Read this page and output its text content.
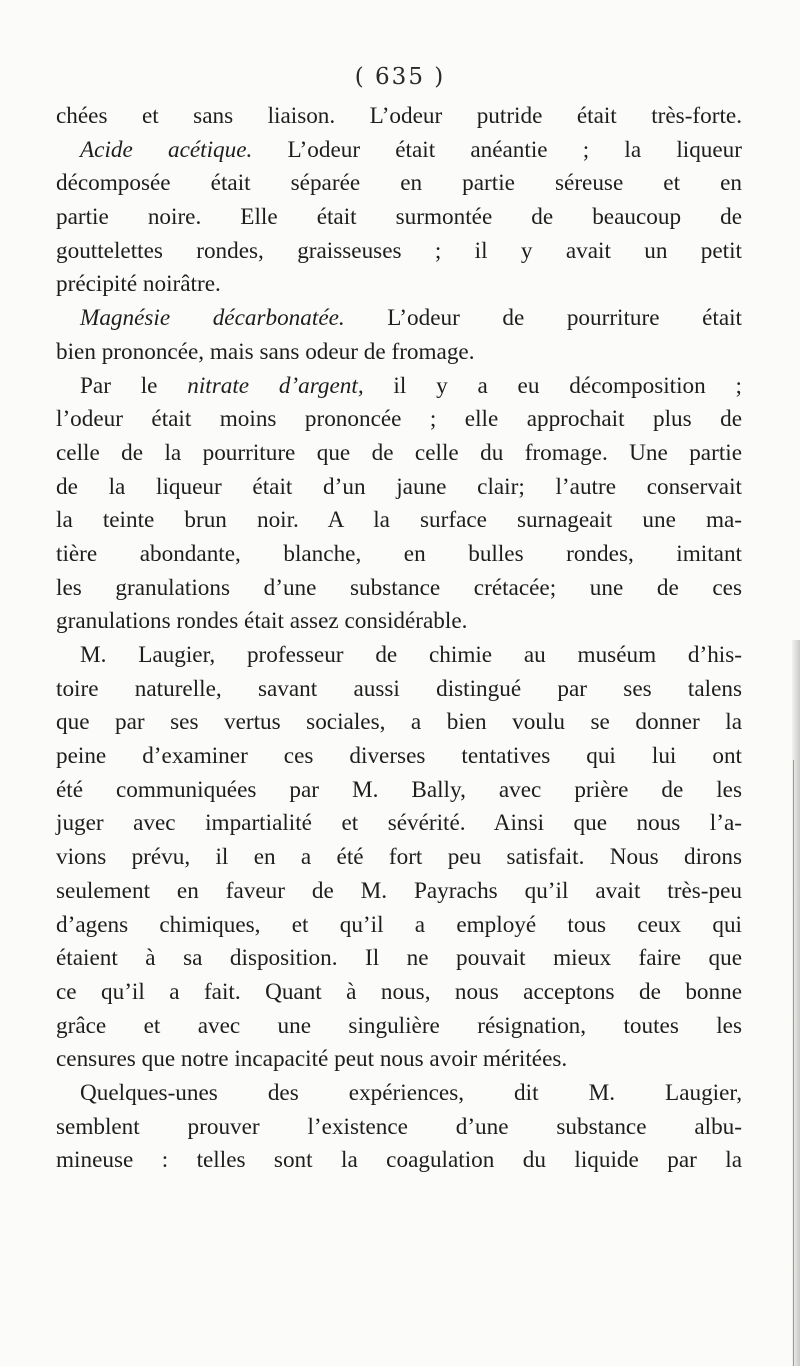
( 635 )
chées et sans liaison. L’odeur putride était très-forte.
Acide acétique. L’odeur était anéantie ; la liqueur
décomposée était séparée en partie séreuse et en
partie noire. Elle était surmontée de beaucoup de
gouttelettes rondes, graisseuses ; il y avait un petit
précipité noirâtre.
Magnésie décarbonatée. L’odeur de pourriture était
bien prononcée, mais sans odeur de fromage.
Par le nitrate d’argent, il y a eu décomposition ;
l’odeur était moins prononcée ; elle approchait plus de
celle de la pourriture que de celle du fromage. Une partie
de la liqueur était d’un jaune clair; l’autre conservait
la teinte brun noir. A la surface surnageait une ma-
tière abondante, blanche, en bulles rondes, imitant
les granulations d’une substance crétacée; une de ces
granulations rondes était assez considérable.
M. Laugier, professeur de chimie au muséum d’his-
toire naturelle, savant aussi distingué par ses talens
que par ses vertus sociales, a bien voulu se donner la
peine d’examiner ces diverses tentatives qui lui ont
été communiquées par M. Bally, avec prière de les
juger avec impartialité et sévérité. Ainsi que nous l’a-
vions prévu, il en a été fort peu satisfait. Nous dirons
seulement en faveur de M. Payrachs qu’il avait très-peu
d’agens chimiques, et qu’il a employé tous ceux qui
étaient à sa disposition. Il ne pouvait mieux faire que
ce qu’il a fait. Quant à nous, nous acceptons de bonne
grâce et avec une singulière résignation, toutes les
censures que notre incapacité peut nous avoir méritées.
Quelques-unes des expériences, dit M. Laugier,
semblent prouver l’existence d’une substance albu-
mineuse : telles sont la coagulation du liquide par la
